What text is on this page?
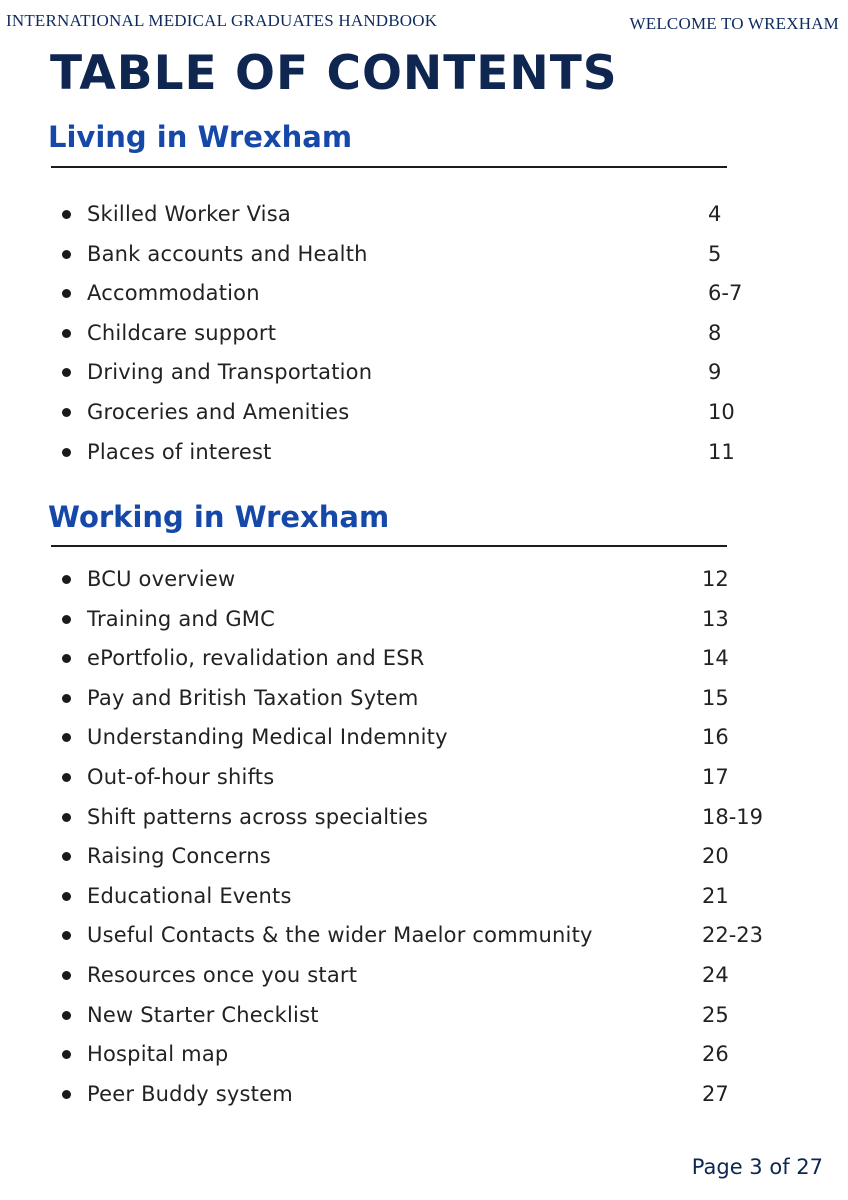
INTERNATIONAL MEDICAL GRADUATES HANDBOOK	WELCOME TO WREXHAM
TABLE OF CONTENTS
Living in Wrexham
Skilled Worker Visa	4
Bank accounts and Health	5
Accommodation	6-7
Childcare support	8
Driving and Transportation	9
Groceries and Amenities	10
Places of interest	11
Working in Wrexham
BCU overview	12
Training and GMC	13
ePortfolio, revalidation and ESR	14
Pay and British Taxation Sytem	15
Understanding Medical Indemnity	16
Out-of-hour shifts	17
Shift patterns across specialties	18-19
Raising Concerns	20
Educational Events	21
Useful Contacts & the wider Maelor community	22-23
Resources once you start	24
New Starter Checklist	25
Hospital map	26
Peer Buddy system	27
Page 3 of 27
